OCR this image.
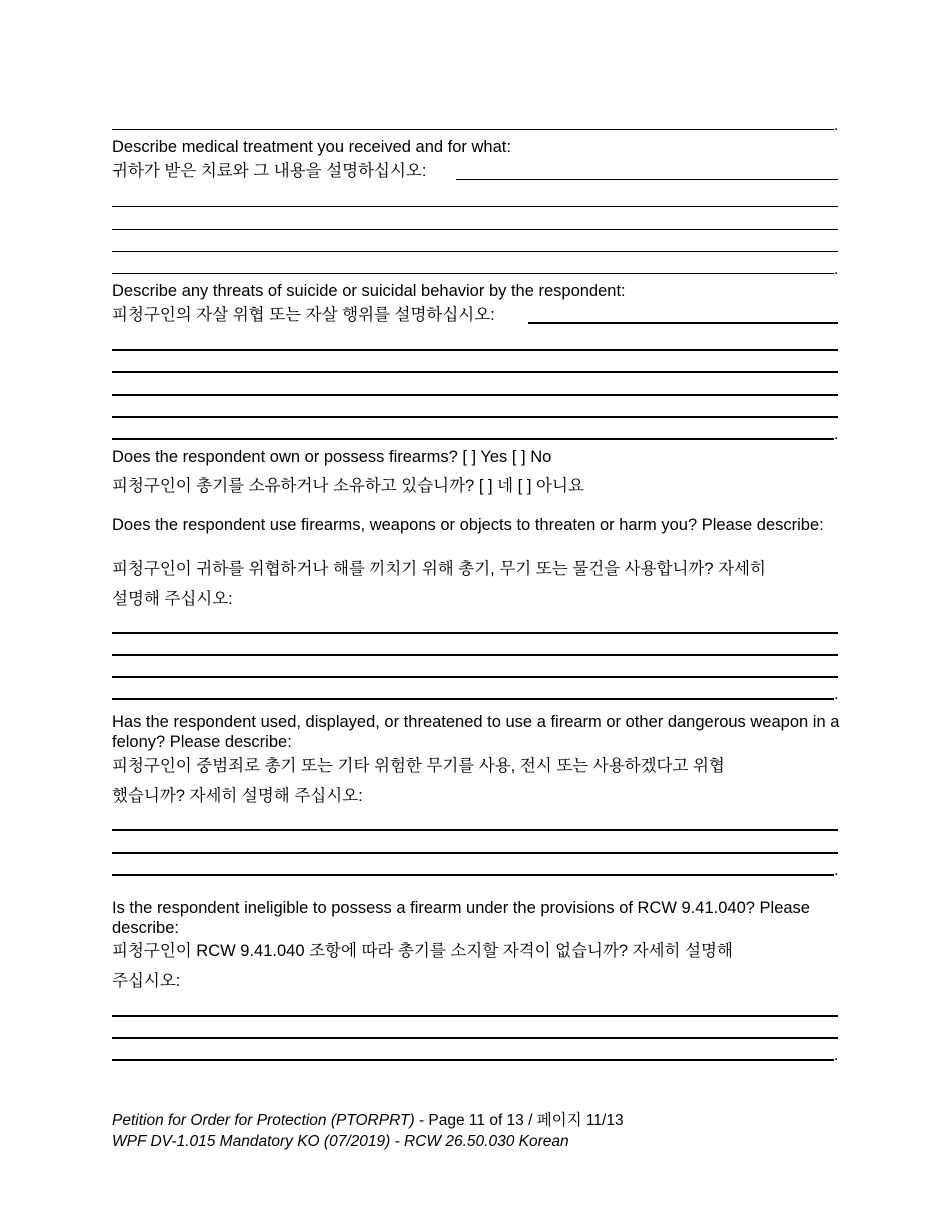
.
Describe medical treatment you received and for what:
귀하가 받은 치료와 그 내용을 설명하십시오:
.
Describe any threats of suicide or suicidal behavior by the respondent:
피청구인의 자살 위협 또는 자살 행위를 설명하십시오:
.
Does the respondent own or possess firearms? [ ] Yes [ ] No
피청구인이 총기를 소유하거나 소유하고 있습니까? [ ] 네 [ ] 아니요
Does the respondent use firearms, weapons or objects to threaten or harm you? Please describe:
피청구인이 귀하를 위협하거나 해를 끼치기 위해 총기, 무기 또는 물건을 사용합니까? 자세히
설명해 주십시오:
.
Has the respondent used, displayed, or threatened to use a firearm or other dangerous weapon in a felony? Please describe:
피청구인이 중범죄로 총기 또는 기타 위험한 무기를 사용, 전시 또는 사용하겠다고 위협
했습니까? 자세히 설명해 주십시오:
.
Is the respondent ineligible to possess a firearm under the provisions of RCW 9.41.040? Please describe:
피청구인이 RCW 9.41.040 조항에 따라 총기를 소지할 자격이 없습니까? 자세히 설명해
주십시오:
.
Petition for Order for Protection (PTORPRT) - Page 11 of 13 / 페이지 11/13
WPF DV-1.015 Mandatory KO (07/2019) - RCW 26.50.030 Korean
